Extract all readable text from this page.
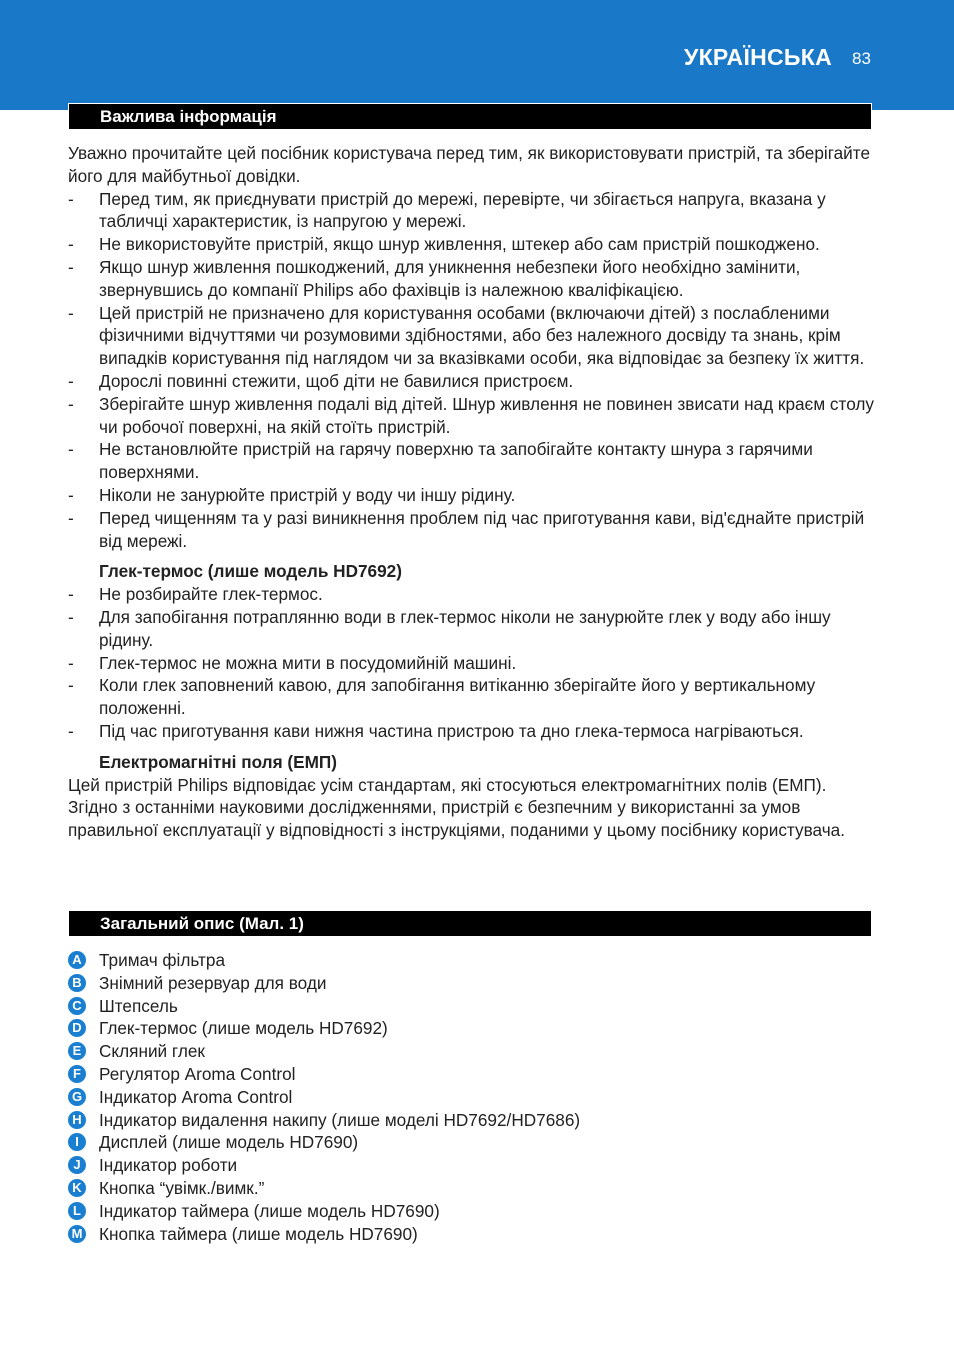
УКРАЇНСЬКА 83
Важлива інформація

Уважно прочитайте цей посібник користувача перед тим, як використовувати пристрій, та зберігайте його для майбутньої довідки.

- Перед тим, як приєднувати пристрій до мережі, перевірте, чи збігається напруга, вказана у табличці характеристик, із напругою у мережі.
- Не використовуйте пристрій, якщо шнур живлення, штекер або сам пристрій пошкоджено.
- Якщо шнур живлення пошкоджений, для уникнення небезпеки його необхідно замінити, звернувшись до компанії Philips або фахівців із належною кваліфікацією.
- Цей пристрій не призначено для користування особами (включаючи дітей) з послабленими фізичними відчуттями чи розумовими здібностями, або без належного досвіду та знань, крім випадків користування під наглядом чи за вказівками особи, яка відповідає за безпеку їх життя.
- Дорослі повинні стежити, щоб діти не бавилися пристроєм.
- Зберігайте шнур живлення подалі від дітей. Шнур живлення не повинен звисати над краєм столу чи робочої поверхні, на якій стоїть пристрій.
- Не встановлюйте пристрій на гарячу поверхню та запобігайте контакту шнура з гарячими поверхнями.
- Ніколи не занурюйте пристрій у воду чи іншу рідину.
- Перед чищенням та у разі виникнення проблем під час приготування кави, від'єднайте пристрій від мережі.

Глек-термос (лише модель HD7692)

- Не розбирайте глек-термос.
- Для запобігання потраплянню води в глек-термос ніколи не занурюйте глек у воду або іншу рідину.
- Глек-термос не можна мити в посудомийній машині.
- Коли глек заповнений кавою, для запобігання витіканню зберігайте його у вертикальному положенні.
- Під час приготування кави нижня частина пристрою та дно глека-термоса нагріваються.

Електромагнітні поля (ЕМП)

Цей пристрій Philips відповідає усім стандартам, які стосуються електромагнітних полів (ЕМП). Згідно з останніми науковими дослідженнями, пристрій є безпечним у використанні за умов правильної експлуатації у відповідності з інструкціями, поданими у цьому посібнику користувача.

Загальний опис (Мал. 1)
A Тримач фільтра
B Знімний резервуар для води
C Штепсель
D Глек-термос (лише модель HD7692)
E Скляний глек
F Регулятор Aroma Control
G Індикатор Aroma Control
H Індикатор видалення накипу (лише моделі HD7692/HD7686)
I	Дисплей (лише модель HD7690)
J	Індикатор роботи
K Кнопка “увімк./вимк.”
L Індикатор таймера (лише модель HD7690)
M Кнопка таймера (лише модель HD7690)
